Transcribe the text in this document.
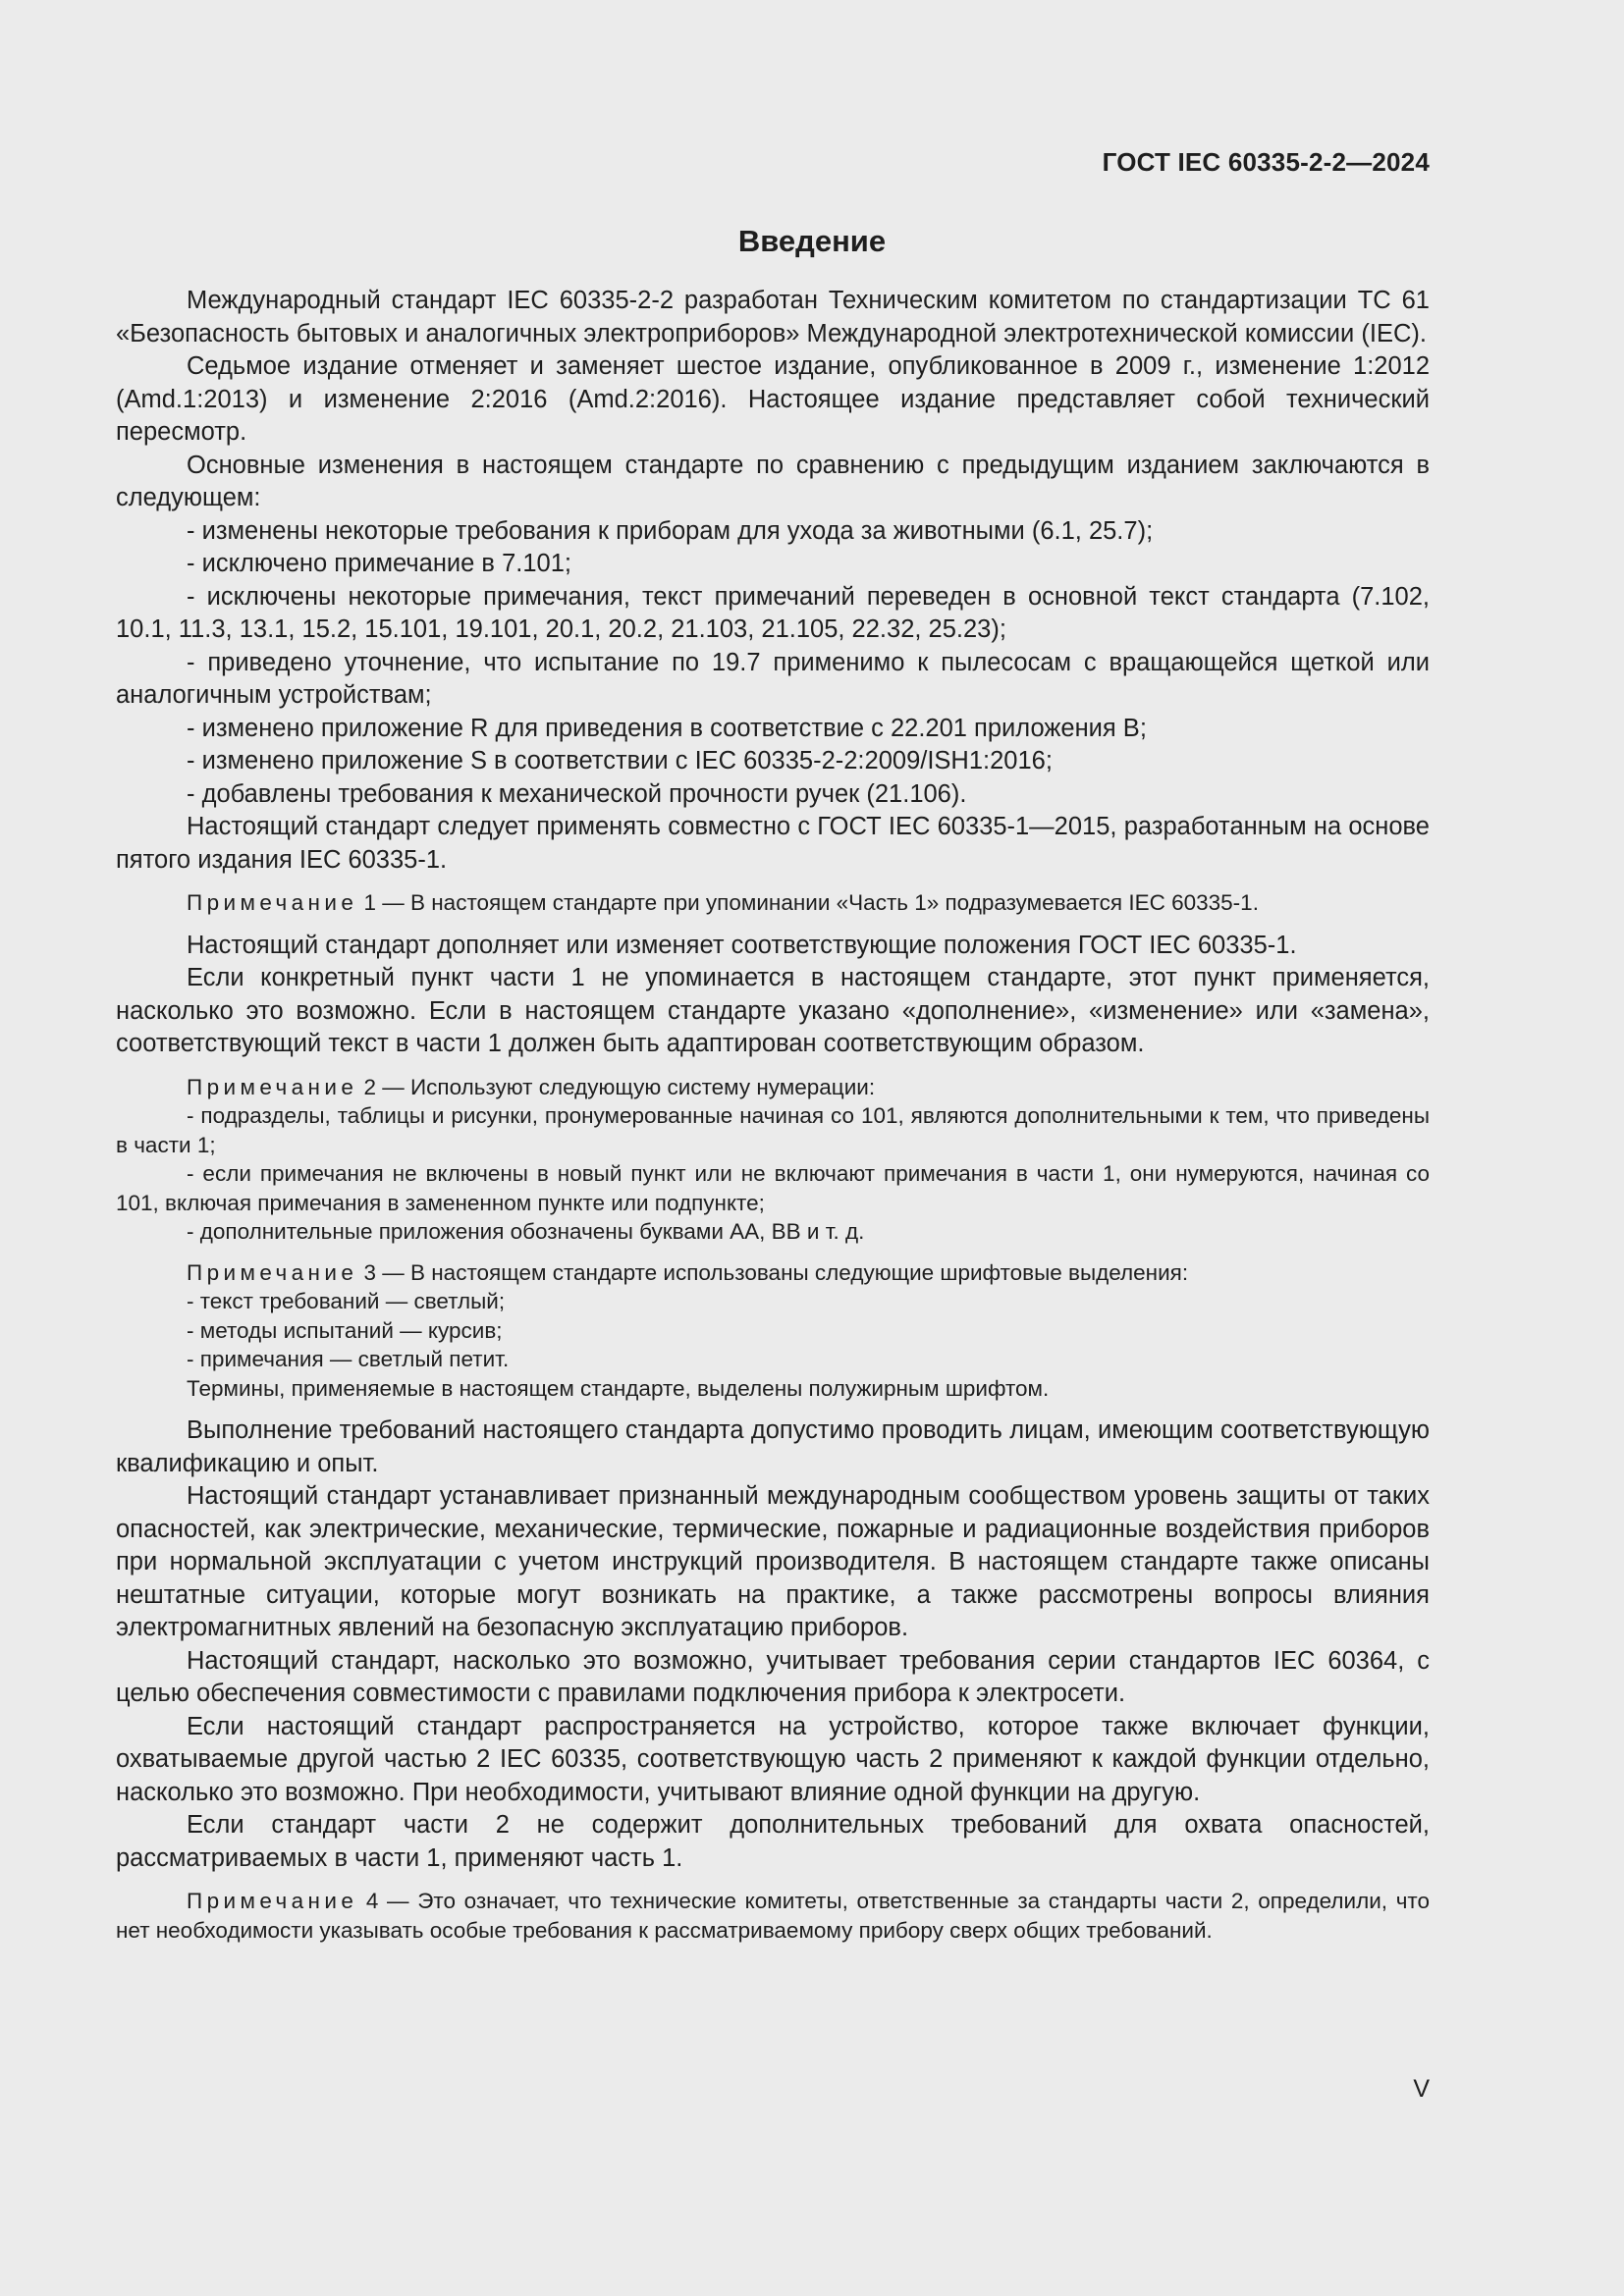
ГОСТ IEC 60335-2-2—2024
Введение

Международный стандарт IEC 60335-2-2 разработан Техническим комитетом по стандартизации ТС 61 «Безопасность бытовых и аналогичных электроприборов» Международной электротехнической комиссии (IEC).

Седьмое издание отменяет и заменяет шестое издание, опубликованное в 2009 г., изменение 1:2012 (Amd.1:2013) и изменение 2:2016 (Amd.2:2016). Настоящее издание представляет собой технический пересмотр.

Основные изменения в настоящем стандарте по сравнению с предыдущим изданием заключаются в следующем:

- изменены некоторые требования к приборам для ухода за животными (6.1, 25.7);

- исключено примечание в 7.101;

- исключены некоторые примечания, текст примечаний переведен в основной текст стандарта (7.102, 10.1, 11.3, 13.1, 15.2, 15.101, 19.101, 20.1, 20.2, 21.103, 21.105, 22.32, 25.23);

- приведено уточнение, что испытание по 19.7 применимо к пылесосам с вращающейся щеткой или аналогичным устройствам;

- изменено приложение R для приведения в соответствие с 22.201 приложения В;

- изменено приложение S в соответствии с IEC 60335-2-2:2009/ISH1:2016;

- добавлены требования к механической прочности ручек (21.106).

Настоящий стандарт следует применять совместно с ГОСТ IEC 60335-1—2015, разработанным на основе пятого издания IEC 60335-1.

Примечание 1 — В настоящем стандарте при упоминании «Часть 1» подразумевается IEC 60335-1.

Настоящий стандарт дополняет или изменяет соответствующие положения ГОСТ IEC 60335-1.

Если конкретный пункт части 1 не упоминается в настоящем стандарте, этот пункт применяется, насколько это возможно. Если в настоящем стандарте указано «дополнение», «изменение» или «замена», соответствующий текст в части 1 должен быть адаптирован соответствующим образом.

Примечание 2 — Используют следующую систему нумерации:

- подразделы, таблицы и рисунки, пронумерованные начиная со 101, являются дополнительными к тем, что приведены в части 1;

- если примечания не включены в новый пункт или не включают примечания в части 1, они нумеруются, начиная со 101, включая примечания в замененном пункте или подпункте;

- дополнительные приложения обозначены буквами АА, ВВ и т. д.

Примечание 3 — В настоящем стандарте использованы следующие шрифтовые выделения:

- текст требований — светлый;

- методы испытаний — курсив;

- примечания — светлый петит.

Термины, применяемые в настоящем стандарте, выделены полужирным шрифтом.

Выполнение требований настоящего стандарта допустимо проводить лицам, имеющим соответствующую квалификацию и опыт.

Настоящий стандарт устанавливает признанный международным сообществом уровень защиты от таких опасностей, как электрические, механические, термические, пожарные и радиационные воздействия приборов при нормальной эксплуатации с учетом инструкций производителя. В настоящем стандарте также описаны нештатные ситуации, которые могут возникать на практике, а также рассмотрены вопросы влияния электромагнитных явлений на безопасную эксплуатацию приборов.

Настоящий стандарт, насколько это возможно, учитывает требования серии стандартов IEC 60364, с целью обеспечения совместимости с правилами подключения прибора к электросети.

Если настоящий стандарт распространяется на устройство, которое также включает функции, охватываемые другой частью 2 IEC 60335, соответствующую часть 2 применяют к каждой функции отдельно, насколько это возможно. При необходимости, учитывают влияние одной функции на другую.

Если стандарт части 2 не содержит дополнительных требований для охвата опасностей, рассматриваемых в части 1, применяют часть 1.

Примечание 4 — Это означает, что технические комитеты, ответственные за стандарты части 2, определили, что нет необходимости указывать особые требования к рассматриваемому прибору сверх общих требований.

V
